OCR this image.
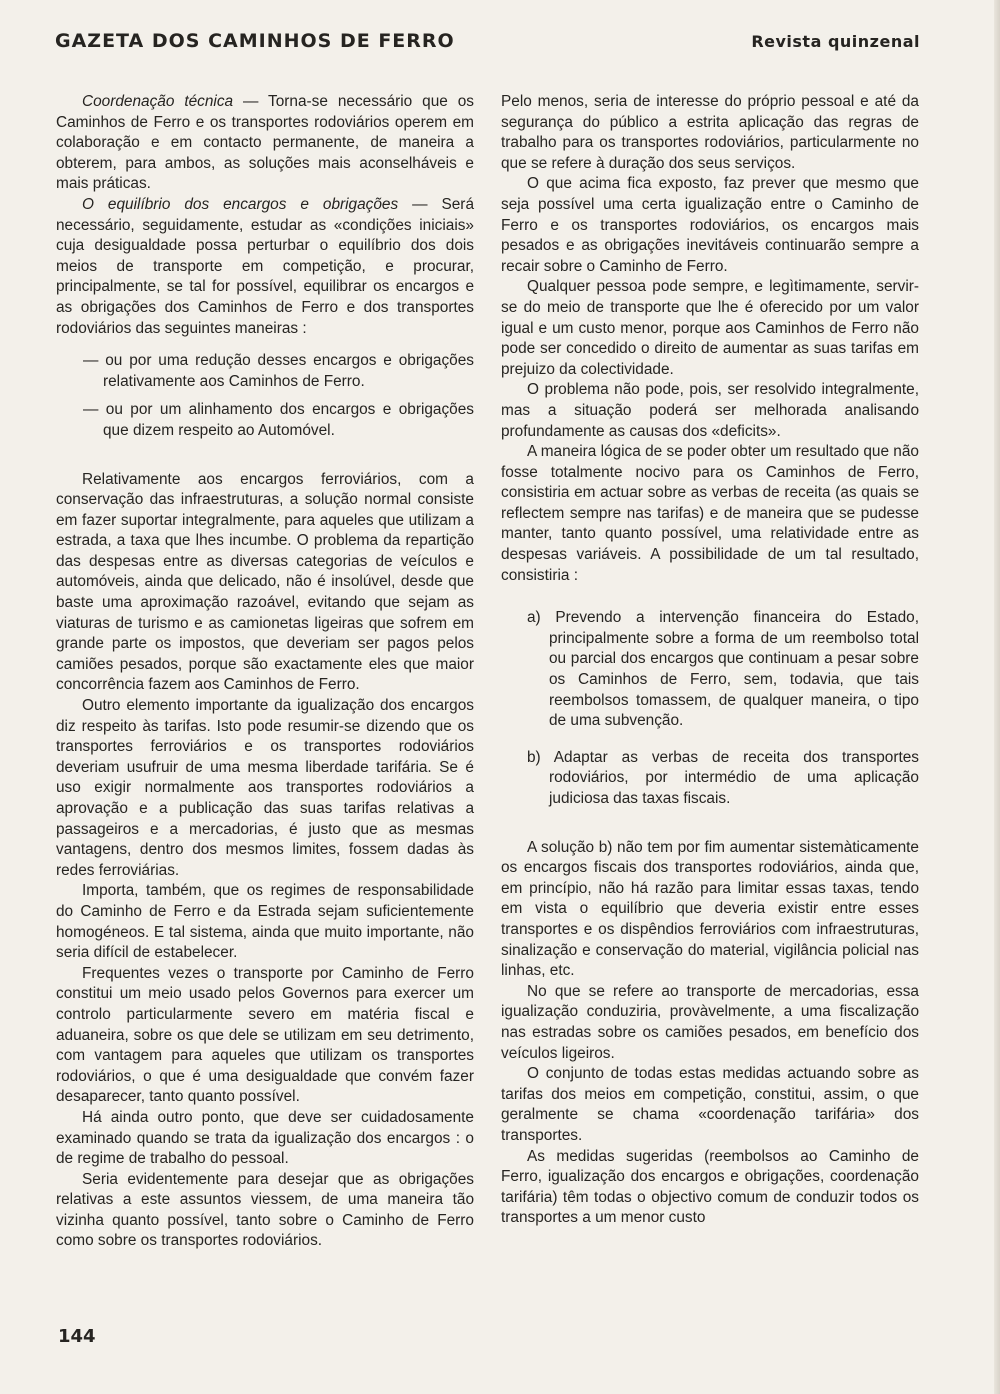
GAZETA DOS CAMINHOS DE FERRO	Revista quinzenal

Coordenação técnica — Torna-se necessário que os Caminhos de Ferro e os transportes rodoviários operem em colaboração e em contacto permanente, de maneira a obterem, para ambos, as soluções mais aconselháveis e mais práticas.

O equilíbrio dos encargos e obrigações — Será necessário, seguidamente, estudar as «condições iniciais» cuja desigualdade possa perturbar o equilíbrio dos dois meios de transporte em competição, e procurar, principalmente, se tal for possível, equilibrar os encargos e as obrigações dos Caminhos de Ferro e dos transportes rodoviários das seguintes maneiras :

— ou por uma redução desses encargos e obrigações relativamente aos Caminhos de Ferro.

— ou por um alinhamento dos encargos e obrigações que dizem respeito ao Automóvel.

Relativamente aos encargos ferroviários, com a conservação das infraestruturas, a solução normal consiste em fazer suportar integralmente, para aqueles que utilizam a estrada, a taxa que lhes incumbe. O problema da repartição das despesas entre as diversas categorias de veículos e automóveis, ainda que delicado, não é insolúvel, desde que baste uma aproximação razoável, evitando que sejam as viaturas de turismo e as camionetas ligeiras que sofrem em grande parte os impostos, que deveriam ser pagos pelos camiões pesados, porque são exactamente eles que maior concorrência fazem aos Caminhos de Ferro.

Outro elemento importante da igualização dos encargos diz respeito às tarifas. Isto pode resumir-se dizendo que os transportes ferroviários e os transportes rodoviários deveriam usufruir de uma mesma liberdade tarifária. Se é uso exigir normalmente aos transportes rodoviários a aprovação e a publicação das suas tarifas relativas a passageiros e a mercadorias, é justo que as mesmas vantagens, dentro dos mesmos limites, fossem dadas às redes ferroviárias.

Importa, também, que os regimes de responsabilidade do Caminho de Ferro e da Estrada sejam suficientemente homogéneos. E tal sistema, ainda que muito importante, não seria difícil de estabelecer.

Frequentes vezes o transporte por Caminho de Ferro constitui um meio usado pelos Governos para exercer um controlo particularmente severo em matéria fiscal e aduaneira, sobre os que dele se utilizam em seu detrimento, com vantagem para aqueles que utilizam os transportes rodoviários, o que é uma desigualdade que convém fazer desaparecer, tanto quanto possível.

Há ainda outro ponto, que deve ser cuidadosamente examinado quando se trata da igualização dos encargos : o de regime de trabalho do pessoal.

Seria evidentemente para desejar que as obrigações relativas a este assuntos viessem, de uma maneira tão vizinha quanto possível, tanto sobre o Caminho de Ferro como sobre os transportes rodoviários.

Pelo menos, seria de interesse do próprio pessoal e até da segurança do público a estrita aplicação das regras de trabalho para os transportes rodoviários, particularmente no que se refere à duração dos seus serviços.

O que acima fica exposto, faz prever que mesmo que seja possível uma certa igualização entre o Caminho de Ferro e os transportes rodoviários, os encargos mais pesados e as obrigações inevitáveis continuarão sempre a recair sobre o Caminho de Ferro.

Qualquer pessoa pode sempre, e legìtimamente, servir-se do meio de transporte que lhe é oferecido por um valor igual e um custo menor, porque aos Caminhos de Ferro não pode ser concedido o direito de aumentar as suas tarifas em prejuizo da colectividade.

O problema não pode, pois, ser resolvido integralmente, mas a situação poderá ser melhorada analisando profundamente as causas dos «deficits».

A maneira lógica de se poder obter um resultado que não fosse totalmente nocivo para os Caminhos de Ferro, consistiria em actuar sobre as verbas de receita (as quais se reflectem sempre nas tarifas) e de maneira que se pudesse manter, tanto quanto possível, uma relatividade entre as despesas variáveis. A possibilidade de um tal resultado, consistiria :

a) Prevendo a intervenção financeira do Estado, principalmente sobre a forma de um reembolso total ou parcial dos encargos que continuam a pesar sobre os Caminhos de Ferro, sem, todavia, que tais reembolsos tomassem, de qualquer maneira, o tipo de uma subvenção.

b) Adaptar as verbas de receita dos transportes rodoviários, por intermédio de uma aplicação judiciosa das taxas fiscais.

A solução b) não tem por fim aumentar sistemàticamente os encargos fiscais dos transportes rodoviários, ainda que, em princípio, não há razão para limitar essas taxas, tendo em vista o equilíbrio que deveria existir entre esses transportes e os dispêndios ferroviários com infraestruturas, sinalização e conservação do material, vigilância policial nas linhas, etc.

No que se refere ao transporte de mercadorias, essa igualização conduziria, provàvelmente, a uma fiscalização nas estradas sobre os camiões pesados, em benefício dos veículos ligeiros.

O conjunto de todas estas medidas actuando sobre as tarifas dos meios em competição, constitui, assim, o que geralmente se chama «coordenação tarifária» dos transportes.

As medidas sugeridas (reembolsos ao Caminho de Ferro, igualização dos encargos e obrigações, coordenação tarifária) têm todas o objectivo comum de conduzir todos os transportes a um menor custo

144
